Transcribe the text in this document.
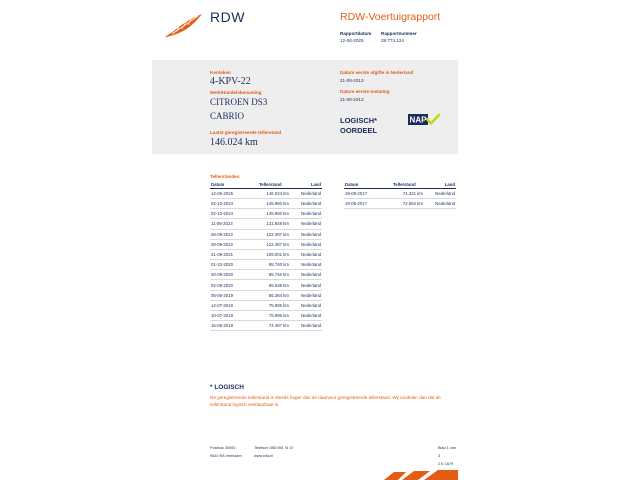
RDW	RDW-Voertuigrapport
Rapportdatum
12-06-2025
Rapportnummer
28.774.124
Kenteken
4-KPV-22
Merk/Handelsbenaming
CITROEN DS3
CABRIO
Laatst geregistreerde tellerstand
146.024 km
Datum eerste afgifte in Nederland
21-06-2013
Datum eerste toelating
21-06-2013
LOGISCH*
OORDEEL
NAP
Tellerstanden
Datum	Tellerstand	Land
12-06-2025	146.024 km	Nederland
02-10-2024	145.960 km	Nederland
02-10-2024	145.960 km	Nederland
11-08-2023	131.848 km	Nederland
28-09-2022	122.397 km	Nederland
28-09-2022	122.397 km	Nederland
21-09-2021	109.001 km	Nederland
01-10-2020	95.740 km	Nederland
30-09-2020	95.740 km	Nederland
02-09-2020	95.539 km	Nederland
05-06-2019	85.384 km	Nederland
14-07-2018	75.896 km	Nederland
10-07-2018	75.896 km	Nederland
15-06-2018	74.497 km	Nederland
Datum	Tellerstand	Land
19-08-2017	74.321 km	Nederland
19-06-2017	72.562 km	Nederland
* LOGISCH
De geregistreerde tellerstand is steeds hoger dan de daarvoor geregistreerde tellerstand. Wij oordelen dan dat de tellerstand logisch verklaarbaar is.
Postbus 30000
9640 RA Veendam
Telefoon 088 008 74 47
www.rdw.nl
Blad 1 van 3
2 E 1679
